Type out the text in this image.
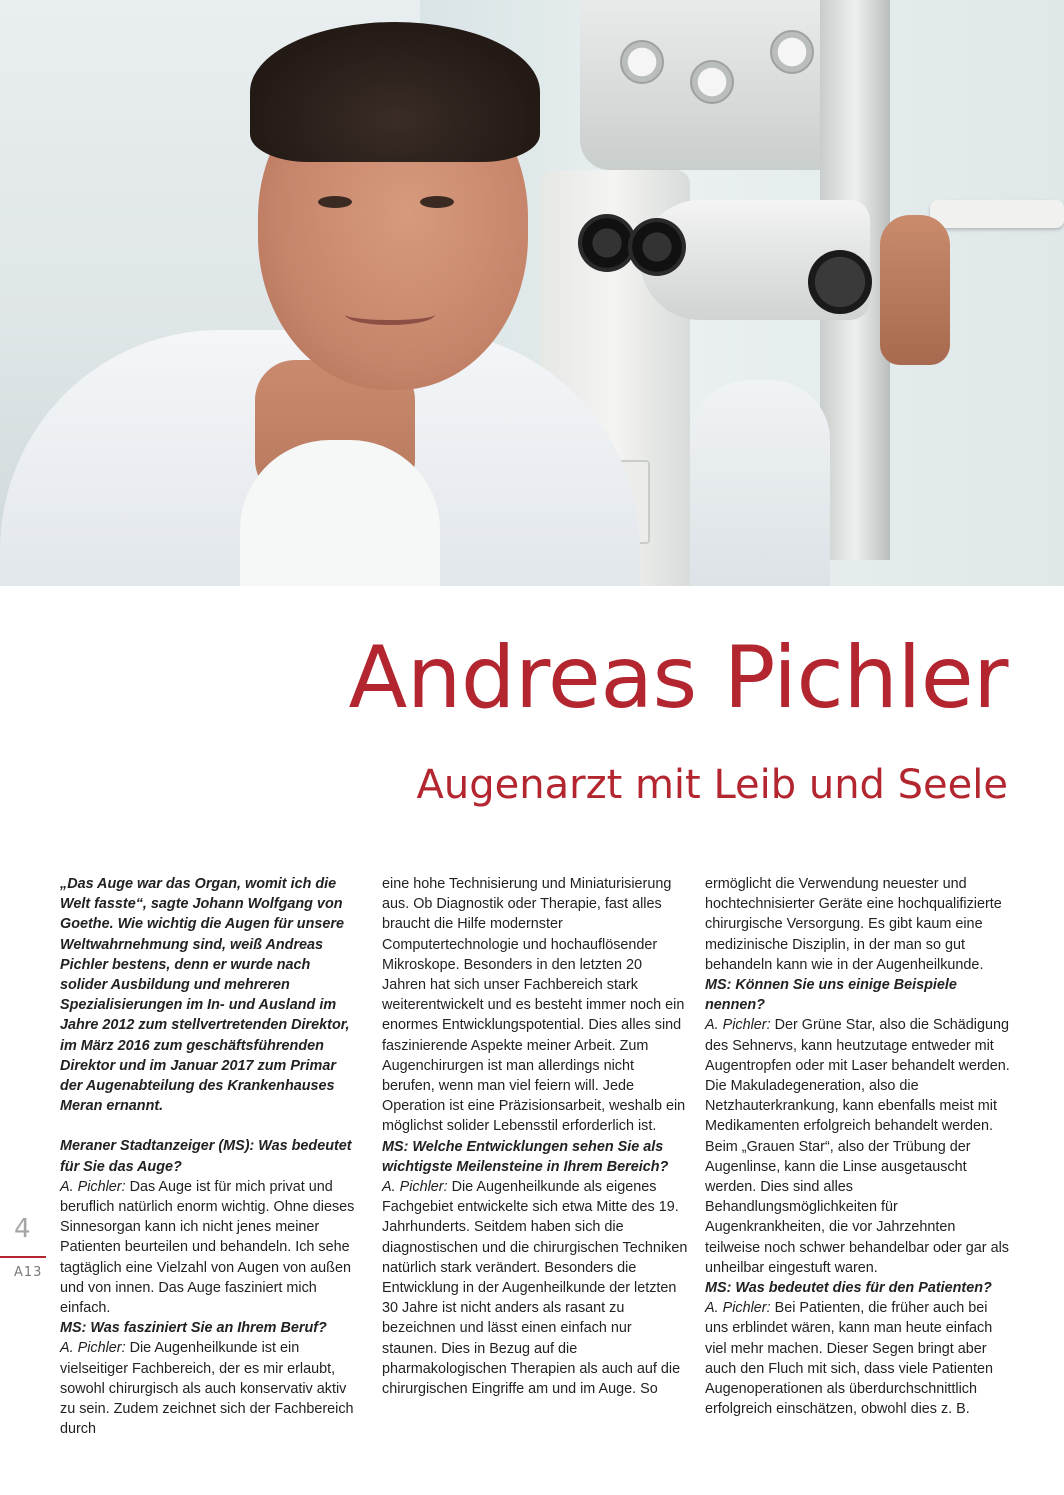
Andreas Pichler
Augenarzt mit Leib und Seele
4
A13

„Das Auge war das Organ, womit ich die Welt fasste“, sagte Johann Wolfgang von Goethe. Wie wichtig die Augen für unsere Weltwahrnehmung sind, weiß Andreas Pichler bestens, denn er wurde nach solider Ausbildung und mehreren Spezialisierungen im In- und Ausland im Jahre 2012 zum stellvertretenden Direktor, im März 2016 zum geschäftsführenden Direktor und im Januar 2017 zum Primar der Augenabteilung des Krankenhauses Meran ernannt.

Meraner Stadtanzeiger (MS): Was bedeutet für Sie das Auge?

A. Pichler: Das Auge ist für mich privat und beruflich natürlich enorm wichtig. Ohne dieses Sinnesorgan kann ich nicht jenes meiner Patienten beurteilen und behandeln. Ich sehe tagtäglich eine Vielzahl von Augen von außen und von innen. Das Auge fasziniert mich einfach.

MS: Was fasziniert Sie an Ihrem Beruf?

A. Pichler: Die Augenheilkunde ist ein vielseitiger Fachbereich, der es mir erlaubt, sowohl chirurgisch als auch konservativ aktiv zu sein. Zudem zeichnet sich der Fachbereich durch

eine hohe Technisierung und Miniaturisierung aus. Ob Diagnostik oder Therapie, fast alles braucht die Hilfe modernster Computertechnologie und hochauflösender Mikroskope. Besonders in den letzten 20 Jahren hat sich unser Fachbereich stark weiterentwickelt und es besteht immer noch ein enormes Entwicklungspotential. Dies alles sind faszinierende Aspekte meiner Arbeit. Zum Augenchirurgen ist man allerdings nicht berufen, wenn man viel feiern will. Jede Operation ist eine Präzisionsarbeit, weshalb ein möglichst solider Lebensstil erforderlich ist.

MS: Welche Entwicklungen sehen Sie als wichtigste Meilensteine in Ihrem Bereich?

A. Pichler: Die Augenheilkunde als eigenes Fachgebiet entwickelte sich etwa Mitte des 19. Jahrhunderts. Seitdem haben sich die diagnostischen und die chirurgischen Techniken natürlich stark verändert. Besonders die Entwicklung in der Augenheilkunde der letzten 30 Jahre ist nicht anders als rasant zu bezeichnen und lässt einen einfach nur staunen. Dies in Bezug auf die pharmakologischen Therapien als auch auf die chirurgischen Eingriffe am und im Auge. So

ermöglicht die Verwendung neuester und hochtechnisierter Geräte eine hochqualifizierte chirurgische Versorgung. Es gibt kaum eine medizinische Disziplin, in der man so gut behandeln kann wie in der Augenheilkunde.

MS: Können Sie uns einige Beispiele nennen?

A. Pichler: Der Grüne Star, also die Schädigung des Sehnervs, kann heutzutage entweder mit Augentropfen oder mit Laser behandelt werden. Die Makuladegeneration, also die Netzhauterkrankung, kann ebenfalls meist mit Medikamenten erfolgreich behandelt werden. Beim „Grauen Star“, also der Trübung der Augenlinse, kann die Linse ausgetauscht werden. Dies sind alles Behandlungsmöglichkeiten für Augenkrankheiten, die vor Jahrzehnten teilweise noch schwer behandelbar oder gar als unheilbar eingestuft waren.

MS: Was bedeutet dies für den Patienten?

A. Pichler: Bei Patienten, die früher auch bei uns erblindet wären, kann man heute einfach viel mehr machen. Dieser Segen bringt aber auch den Fluch mit sich, dass viele Patienten Augenoperationen als überdurchschnittlich erfolgreich einschätzen, obwohl dies z. B.
